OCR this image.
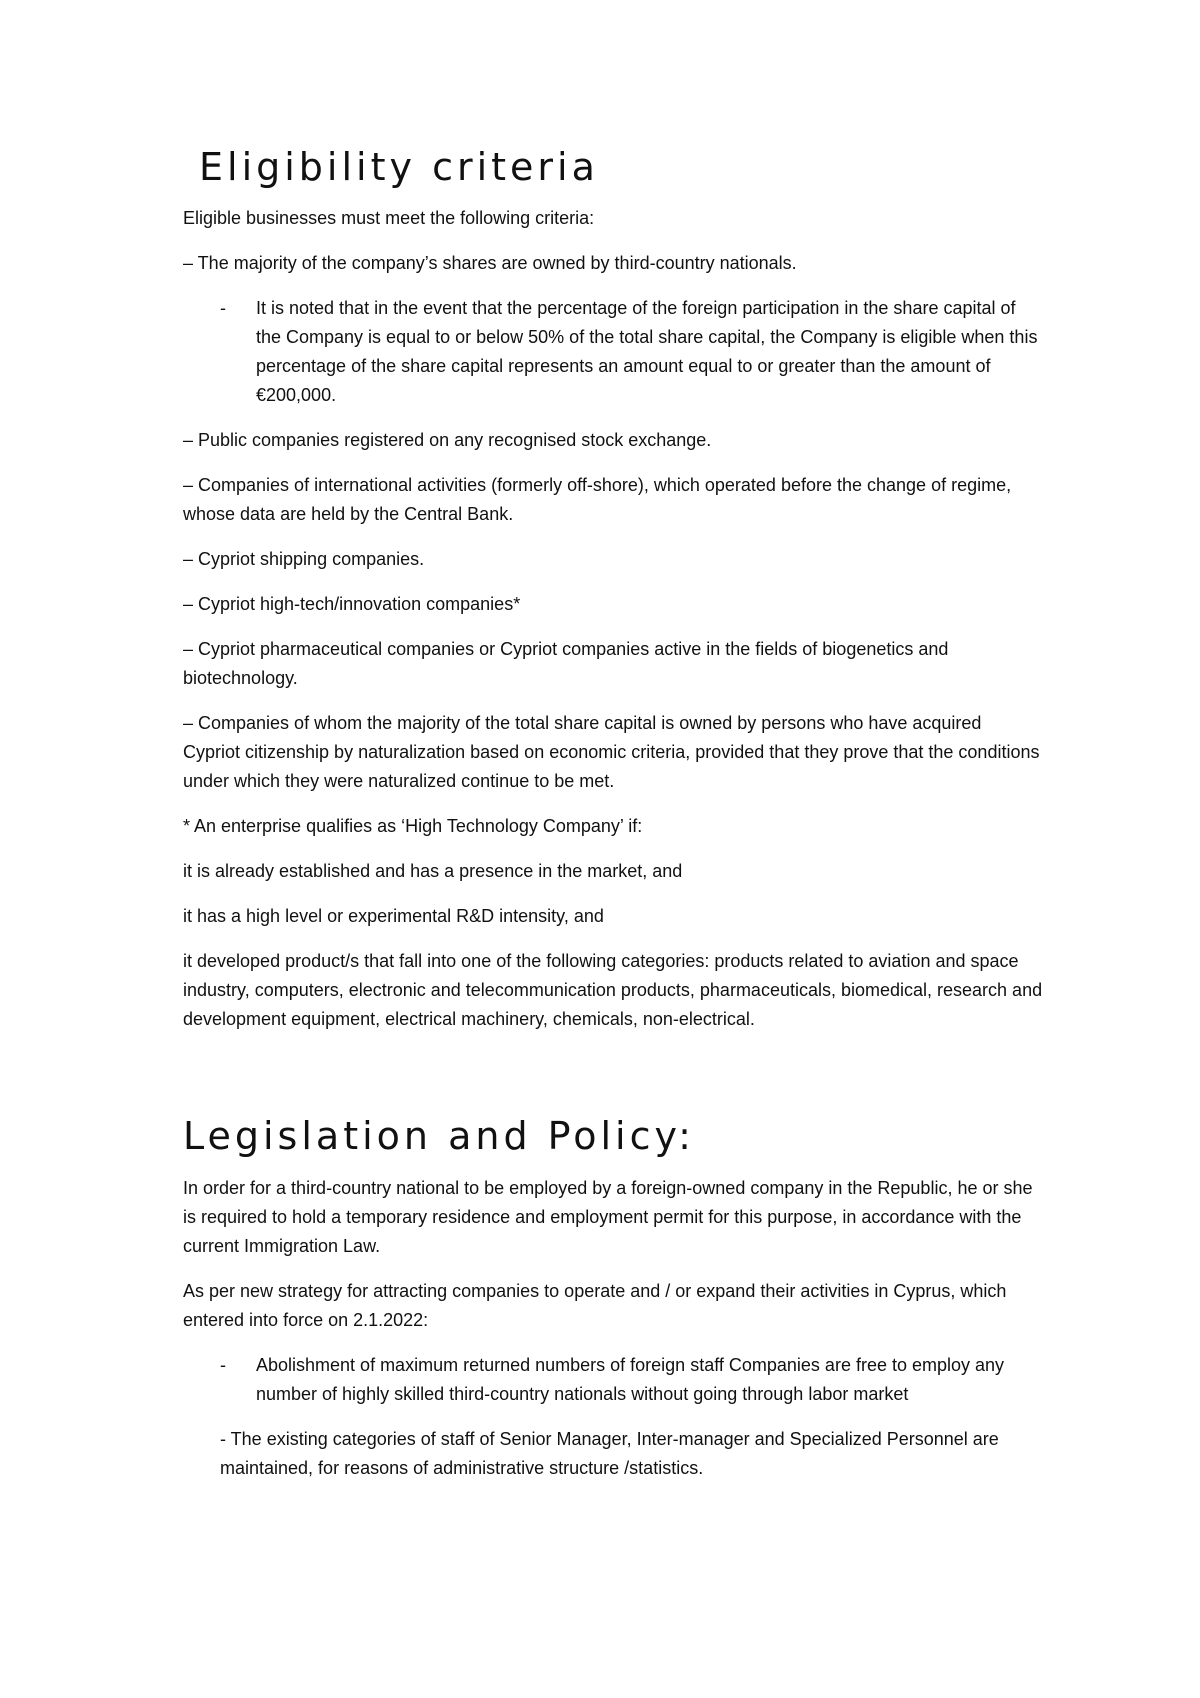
Eligibility criteria

Eligible businesses must meet the following criteria:

– The majority of the company’s shares are owned by third-country nationals.

- It is noted that in the event that the percentage of the foreign participation in the share capital of the Company is equal to or below 50% of the total share capital, the Company is eligible when this percentage of the share capital represents an amount equal to or greater than the amount of €200,000.

– Public companies registered on any recognised stock exchange.

– Companies of international activities (formerly off-shore), which operated before the change of regime, whose data are held by the Central Bank.

– Cypriot shipping companies.

– Cypriot high-tech/innovation companies*

– Cypriot pharmaceutical companies or Cypriot companies active in the fields of biogenetics and biotechnology.

– Companies of whom the majority of the total share capital is owned by persons who have acquired Cypriot citizenship by naturalization based on economic criteria, provided that they prove that the conditions under which they were naturalized continue to be met.

* An enterprise qualifies as ‘High Technology Company’ if:

it is already established and has a presence in the market, and

it has a high level or experimental R&D intensity, and

it developed product/s that fall into one of the following categories: products related to aviation and space industry, computers, electronic and telecommunication products, pharmaceuticals, biomedical, research and development equipment, electrical machinery, chemicals, non-electrical.

Legislation and Policy:

In order for a third-country national to be employed by a foreign-owned company in the Republic, he or she is required to hold a temporary residence and employment permit for this purpose, in accordance with the current Immigration Law.

As per new strategy for attracting companies to operate and / or expand their activities in Cyprus, which entered into force on 2.1.2022:

- Abolishment of maximum returned numbers of foreign staff Companies are free to employ any number of highly skilled third-country nationals without going through labor market

- The existing categories of staff of Senior Manager, Inter-manager and Specialized Personnel are maintained, for reasons of administrative structure /statistics.
